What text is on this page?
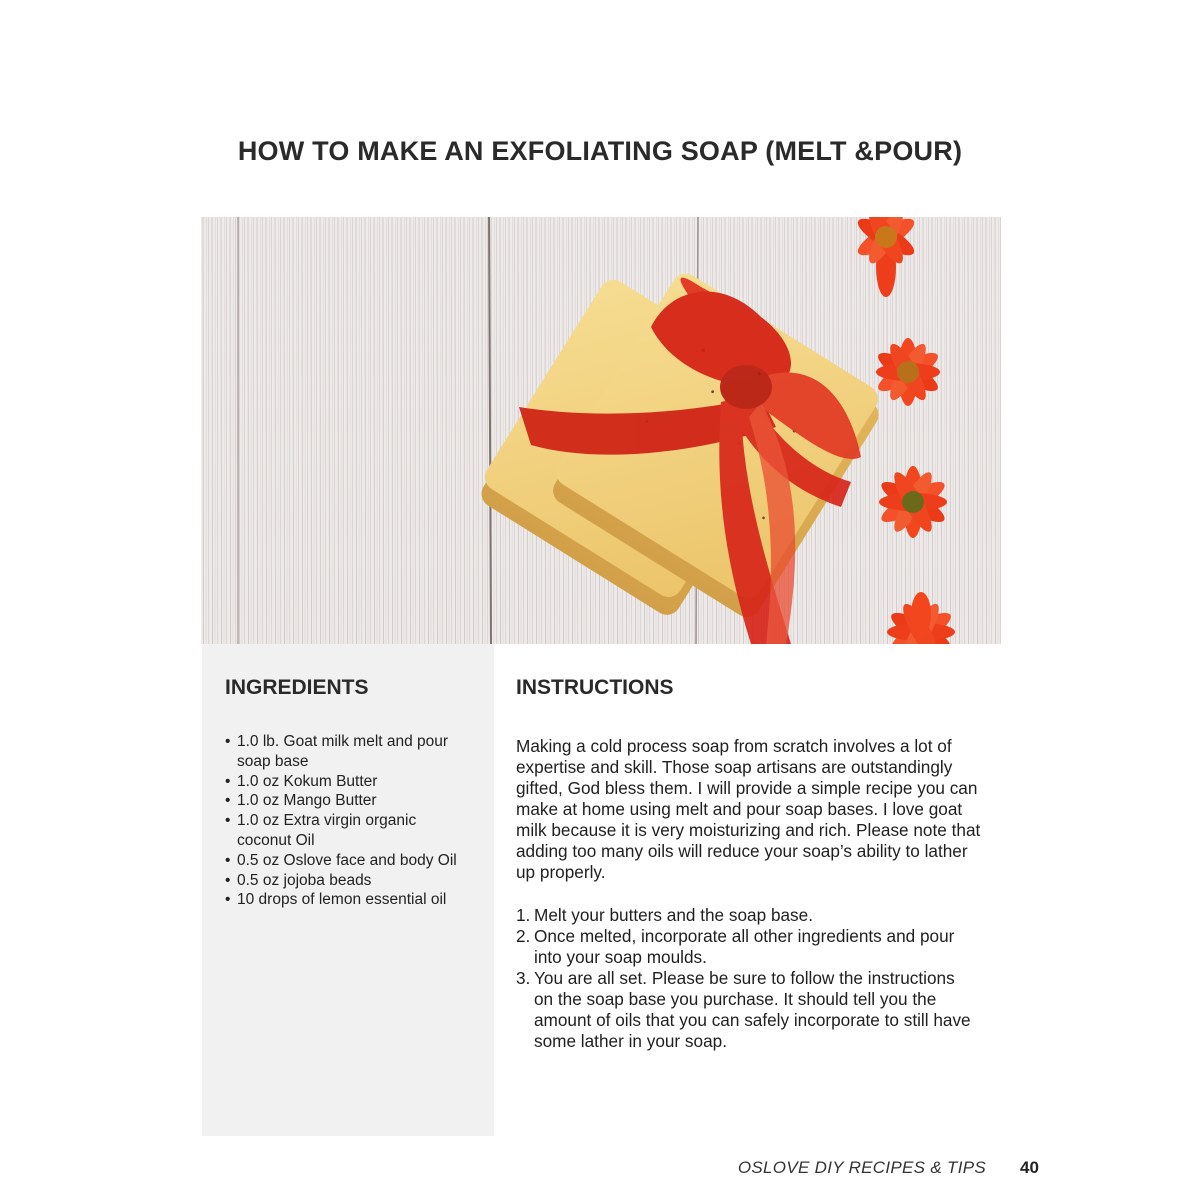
HOW TO MAKE AN EXFOLIATING SOAP (MELT &POUR)
INGREDIENTS
• 1.0 lb. Goat milk melt and pour soap base
• 1.0 oz Kokum Butter
• 1.0 oz Mango Butter
• 1.0 oz Extra virgin organic coconut Oil
• 0.5 oz Oslove face and body Oil
• 0.5 oz jojoba beads
• 10 drops of lemon essential oil
INSTRUCTIONS

Making a cold process soap from scratch involves a lot of expertise and skill. Those soap artisans are outstandingly gifted, God bless them. I will provide a simple recipe you can make at home using melt and pour soap bases. I love goat milk because it is very moisturizing and rich. Please note that adding too many oils will reduce your soap’s ability to lather up properly.

1. Melt your butters and the soap base.
2. Once melted, incorporate all other ingredients and pour into your soap moulds.
3. You are all set. Please be sure to follow the instructions on the soap base you purchase. It should tell you the amount of oils that you can safely incorporate to still have some lather in your soap.
OSLOVE DIY RECIPES & TIPS 40
